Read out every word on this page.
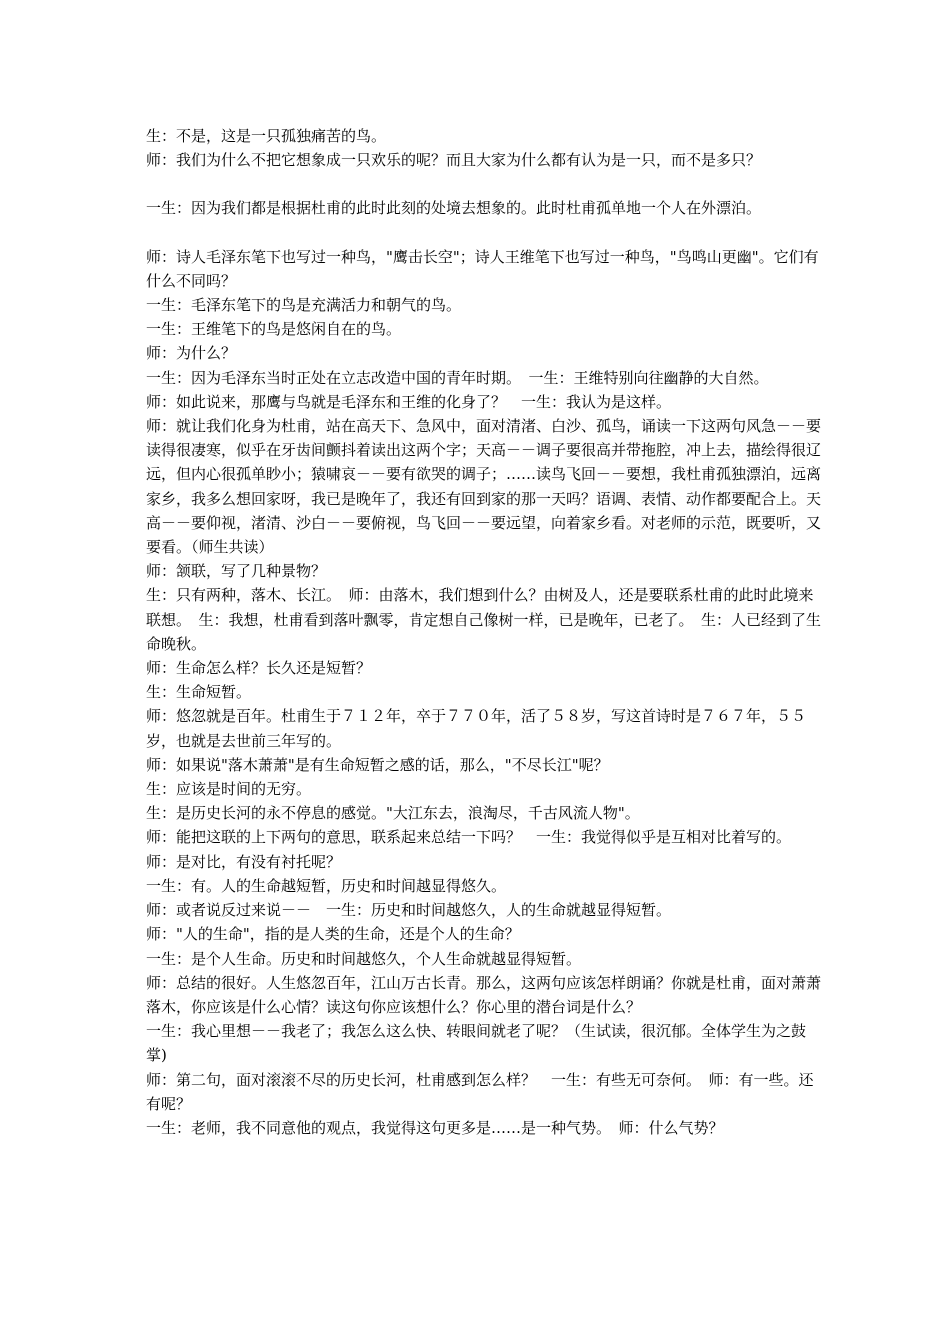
生：不是，这是一只孤独痛苦的鸟。

师：我们为什么不把它想象成一只欢乐的呢？而且大家为什么都有认为是一只，而不是多只？

一生：因为我们都是根据杜甫的此时此刻的处境去想象的。此时杜甫孤单地一个人在外漂泊。

师：诗人毛泽东笔下也写过一种鸟，"鹰击长空"；诗人王维笔下也写过一种鸟，"鸟鸣山更幽"。它们有什么不同吗？

一生：毛泽东笔下的鸟是充满活力和朝气的鸟。

一生：王维笔下的鸟是悠闲自在的鸟。

师：为什么？

一生：因为毛泽东当时正处在立志改造中国的青年时期。　一生：王维特别向往幽静的大自然。

师：如此说来，那鹰与鸟就是毛泽东和王维的化身了？　一生：我认为是这样。

师：就让我们化身为杜甫，站在高天下、急风中，面对清渚、白沙、孤鸟，诵读一下这两句风急－－要读得很凄寒，似乎在牙齿间颤抖着读出这两个字；天高－－调子要很高并带拖腔，冲上去，描绘得很辽远，但内心很孤单眇小；猿啸哀－－要有欲哭的调子；……读鸟飞回－－要想，我杜甫孤独漂泊，远离家乡，我多么想回家呀，我已是晚年了，我还有回到家的那一天吗？语调、表情、动作都要配合上。天高－－要仰视，渚清、沙白－－要俯视，鸟飞回－－要远望，向着家乡看。对老师的示范，既要听，又要看。（师生共读）

师：颔联，写了几种景物？

生：只有两种，落木、长江。　师：由落木，我们想到什么？由树及人，还是要联系杜甫的此时此境来联想。　生：我想，杜甫看到落叶飘零，肯定想自己像树一样，已是晚年，已老了。　生：人已经到了生命晚秋。

师：生命怎么样？长久还是短暂？

生：生命短暂。

师：悠忽就是百年。杜甫生于７１２年，卒于７７０年，活了５８岁，写这首诗时是７６７年，５５岁，也就是去世前三年写的。

师：如果说"落木萧萧"是有生命短暂之感的话，那么，"不尽长江"呢？

生：应该是时间的无穷。

生：是历史长河的永不停息的感觉。"大江东去，浪淘尽，千古风流人物"。

师：能把这联的上下两句的意思，联系起来总结一下吗？　一生：我觉得似乎是互相对比着写的。

师：是对比，有没有衬托呢？

一生：有。人的生命越短暂，历史和时间越显得悠久。

师：或者说反过来说－－　一生：历史和时间越悠久，人的生命就越显得短暂。

师："人的生命"，指的是人类的生命，还是个人的生命？

一生：是个人生命。历史和时间越悠久，个人生命就越显得短暂。

师：总结的很好。人生悠忽百年，江山万古长青。那么，这两句应该怎样朗诵？你就是杜甫，面对萧萧落木，你应该是什么心情？读这句你应该想什么？你心里的潜台词是什么？

一生：我心里想－－我老了；我怎么这么快、转眼间就老了呢？（生试读，很沉郁。全体学生为之鼓掌)

师：第二句，面对滚滚不尽的历史长河，杜甫感到怎么样？　一生：有些无可奈何。　师：有一些。还有呢？

一生：老师，我不同意他的观点，我觉得这句更多是……是一种气势。　师：什么气势？
